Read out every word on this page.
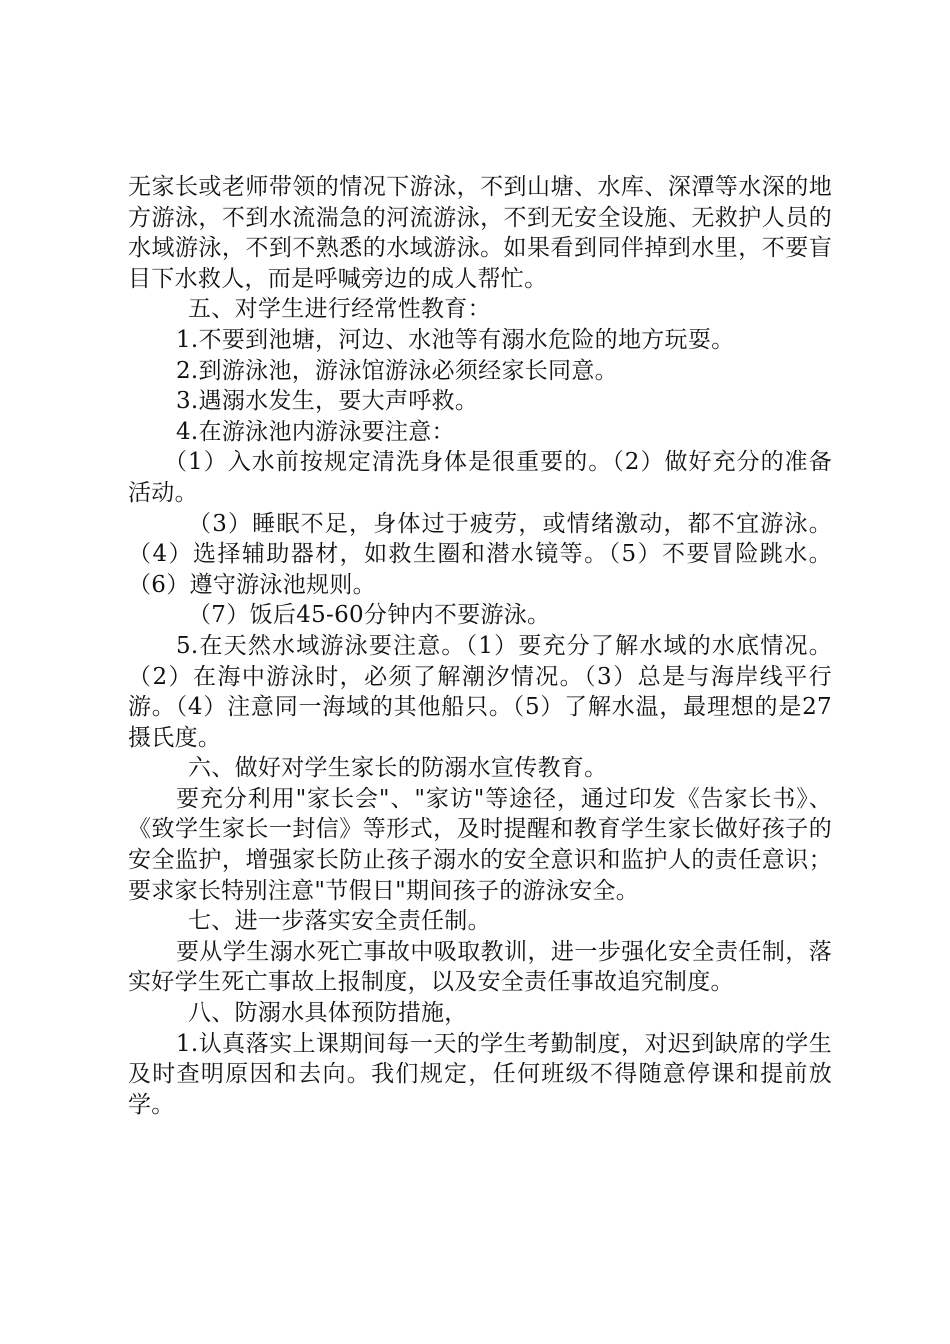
无家长或老师带领的情况下游泳，不到山塘、水库、深潭等水深的地方游泳，不到水流湍急的河流游泳，不到无安全设施、无救护人员的水域游泳，不到不熟悉的水域游泳。如果看到同伴掉到水里，不要盲目下水救人，而是呼喊旁边的成人帮忙。

五、对学生进行经常性教育：

1.不要到池塘，河边、水池等有溺水危险的地方玩耍。

2.到游泳池，游泳馆游泳必须经家长同意。

3.遇溺水发生，要大声呼救。

4.在游泳池内游泳要注意：

（1）入水前按规定清洗身体是很重要的。（2）做好充分的准备活动。

（3）睡眠不足，身体过于疲劳，或情绪激动，都不宜游泳。（4）选择辅助器材，如救生圈和潜水镜等。（5）不要冒险跳水。（6）遵守游泳池规则。

（7）饭后45-60分钟内不要游泳。

5.在天然水域游泳要注意。（1）要充分了解水域的水底情况。（2）在海中游泳时，必须了解潮汐情况。（3）总是与海岸线平行游。（4）注意同一海域的其他船只。（5）了解水温，最理想的是27摄氏度。

六、做好对学生家长的防溺水宣传教育。

要充分利用"家长会"、"家访"等途径，通过印发《告家长书》、《致学生家长一封信》等形式，及时提醒和教育学生家长做好孩子的安全监护，增强家长防止孩子溺水的安全意识和监护人的责任意识；要求家长特别注意"节假日"期间孩子的游泳安全。

七、进一步落实安全责任制。

要从学生溺水死亡事故中吸取教训，进一步强化安全责任制，落实好学生死亡事故上报制度，以及安全责任事故追究制度。

八、防溺水具体预防措施，

1.认真落实上课期间每一天的学生考勤制度，对迟到缺席的学生及时查明原因和去向。我们规定，任何班级不得随意停课和提前放学。
